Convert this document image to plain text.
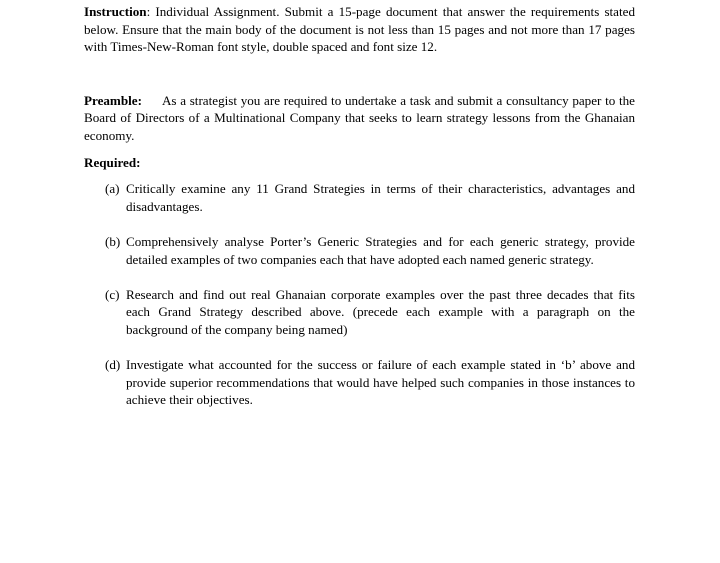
Instruction: Individual Assignment. Submit a 15-page document that answer the requirements stated below. Ensure that the main body of the document is not less than 15 pages and not more than 17 pages with Times-New-Roman font style, double spaced and font size 12.

Preamble: As a strategist you are required to undertake a task and submit a consultancy paper to the Board of Directors of a Multinational Company that seeks to learn strategy lessons from the Ghanaian economy.

Required:

(a) Critically examine any 11 Grand Strategies in terms of their characteristics, advantages and disadvantages.
(b) Comprehensively analyse Porter’s Generic Strategies and for each generic strategy, provide detailed examples of two companies each that have adopted each named generic strategy.
(c) Research and find out real Ghanaian corporate examples over the past three decades that fits each Grand Strategy described above. (precede each example with a paragraph on the background of the company being named)
(d) Investigate what accounted for the success or failure of each example stated in ‘b’ above and provide superior recommendations that would have helped such companies in those instances to achieve their objectives.
